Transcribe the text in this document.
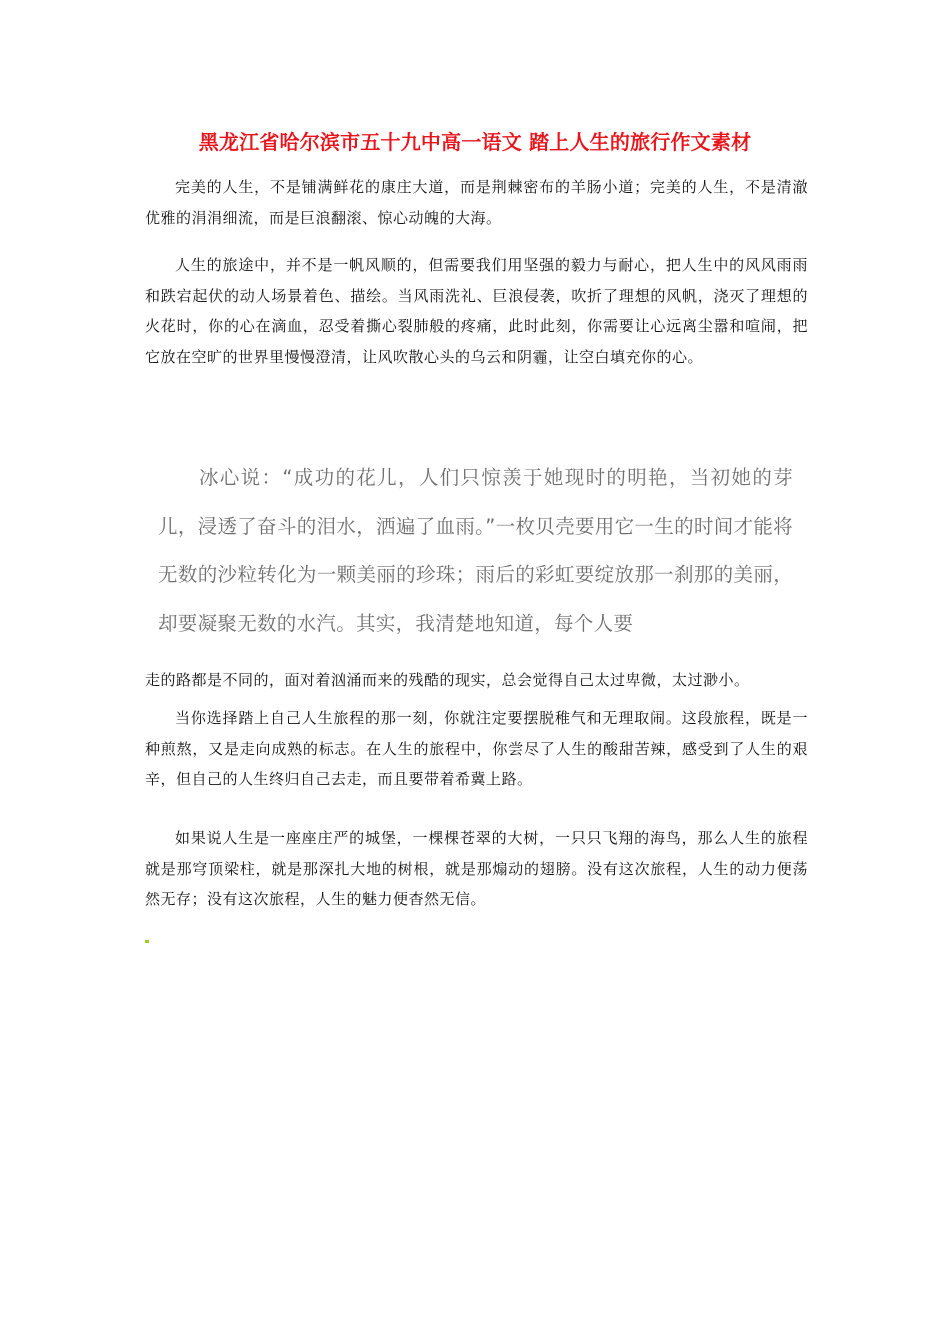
黑龙江省哈尔滨市五十九中高一语文 踏上人生的旅行作文素材

完美的人生，不是铺满鲜花的康庄大道，而是荆棘密布的羊肠小道；完美的人生，不是清澈优雅的涓涓细流，而是巨浪翻滚、惊心动魄的大海。

人生的旅途中，并不是一帆风顺的，但需要我们用坚强的毅力与耐心，把人生中的风风雨雨和跌宕起伏的动人场景着色、描绘。当风雨洗礼、巨浪侵袭，吹折了理想的风帆，浇灭了理想的火花时，你的心在滴血，忍受着撕心裂肺般的疼痛，此时此刻，你需要让心远离尘嚣和喧闹，把它放在空旷的世界里慢慢澄清，让风吹散心头的乌云和阴霾，让空白填充你的心。

冰心说：“成功的花儿，人们只惊羡于她现时的明艳，当初她的芽儿，浸透了奋斗的泪水，洒遍了血雨。”一枚贝壳要用它一生的时间才能将无数的沙粒转化为一颗美丽的珍珠；雨后的彩虹要绽放那一刹那的美丽，却要凝聚无数的水汽。其实，我清楚地知道，每个人要

走的路都是不同的，面对着汹涌而来的残酷的现实，总会觉得自己太过卑微，太过渺小。

当你选择踏上自己人生旅程的那一刻，你就注定要摆脱稚气和无理取闹。这段旅程，既是一种煎熬，又是走向成熟的标志。在人生的旅程中，你尝尽了人生的酸甜苦辣，感受到了人生的艰辛，但自己的人生终归自己去走，而且要带着希冀上路。

如果说人生是一座座庄严的城堡，一棵棵苍翠的大树，一只只飞翔的海鸟，那么人生的旅程就是那穹顶梁柱，就是那深扎大地的树根，就是那煽动的翅膀。没有这次旅程，人生的动力便荡然无存；没有这次旅程，人生的魅力便杳然无信。
